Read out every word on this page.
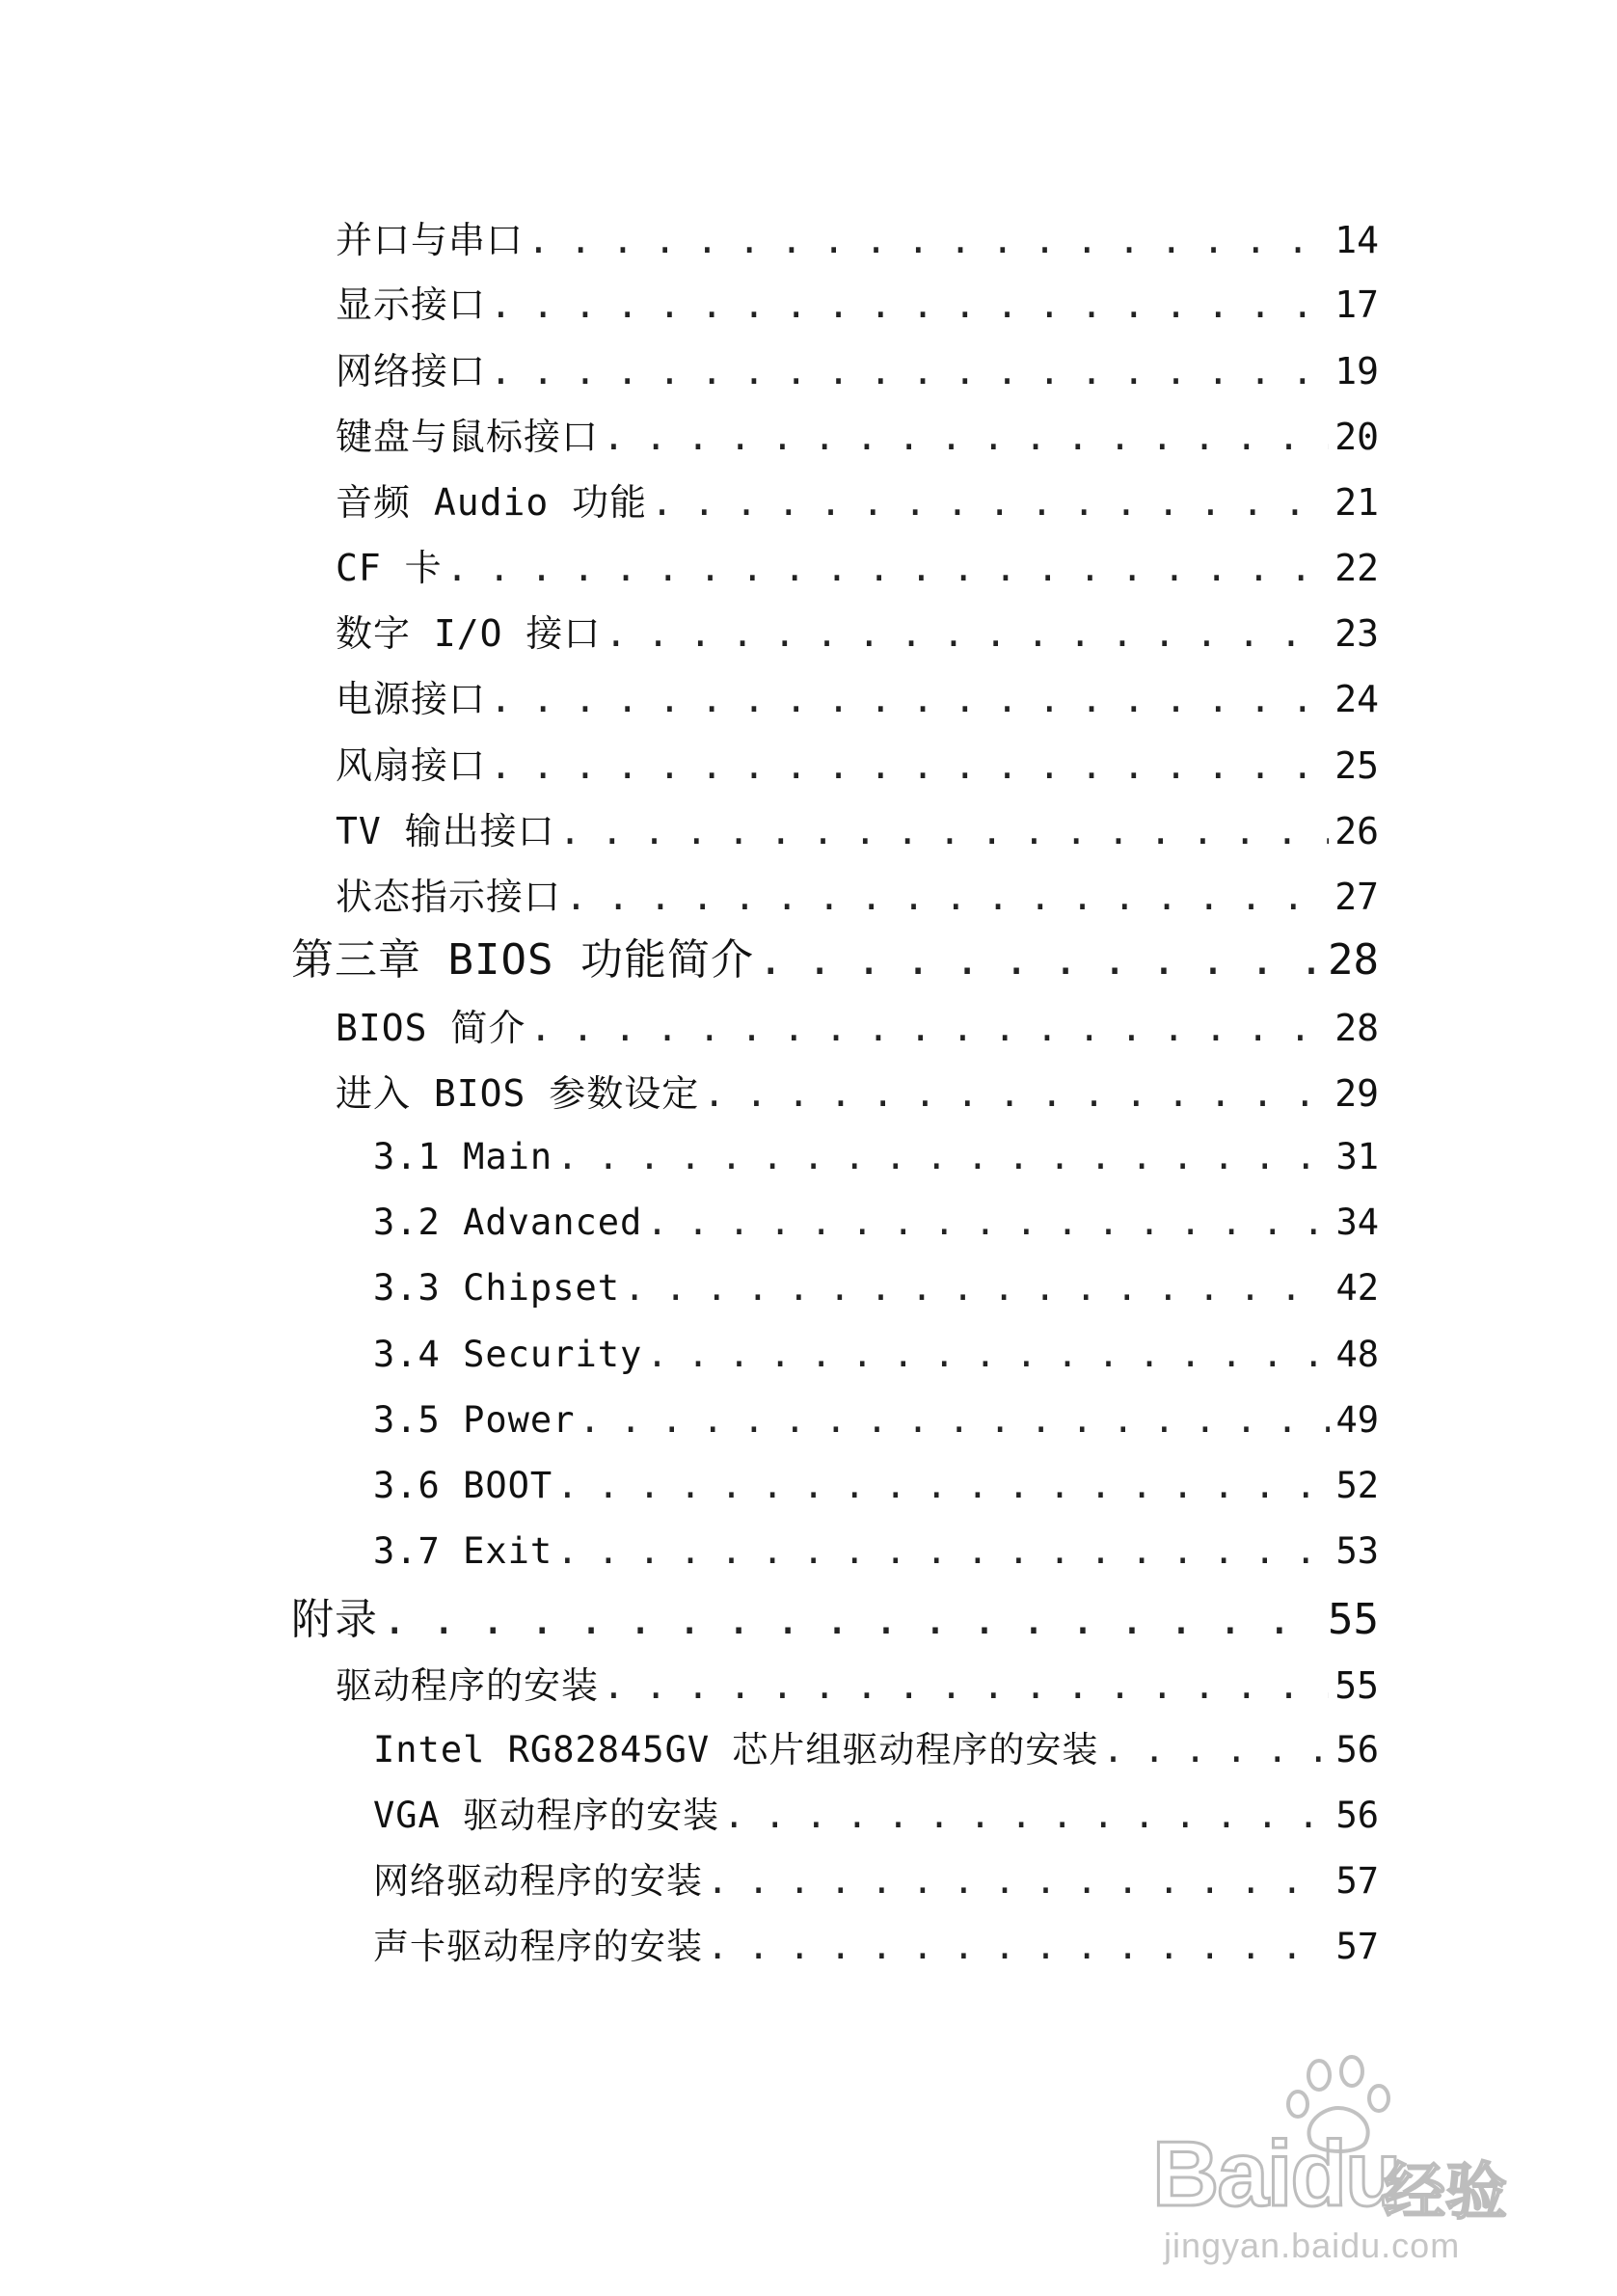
并口与串口 . . .	14
显示接口 . . .	17
网络接口 . . .	19
键盘与鼠标接口 . . .	20
音频 Audio 功能 . . .	21
CF 卡 . . .	22
数字 I/O 接口 . . .	23
电源接口 . . .	24
风扇接口 . . .	25
TV 输出接口 . . .	26
状态指示接口 . . .	27
第三章 BIOS 功能简介 . . .	28
BIOS 简介 . . .	28
进入 BIOS 参数设定 . . .	29
3.1 Main . . .	31
3.2 Advanced . . .	34
3.3 Chipset . . .	42
3.4 Security . . .	48
3.5 Power . . .	49
3.6 BOOT . . .	52
3.7 Exit . . .	53
附录 . . .	55
驱动程序的安装 . . .	55
Intel RG82845GV 芯片组驱动程序的安装 . . .	56
VGA 驱动程序的安装 . . .	56
网络驱动程序的安装 . . .	57
声卡驱动程序的安装 . . .	57
Baidu
经验
jingyan.baidu.com
